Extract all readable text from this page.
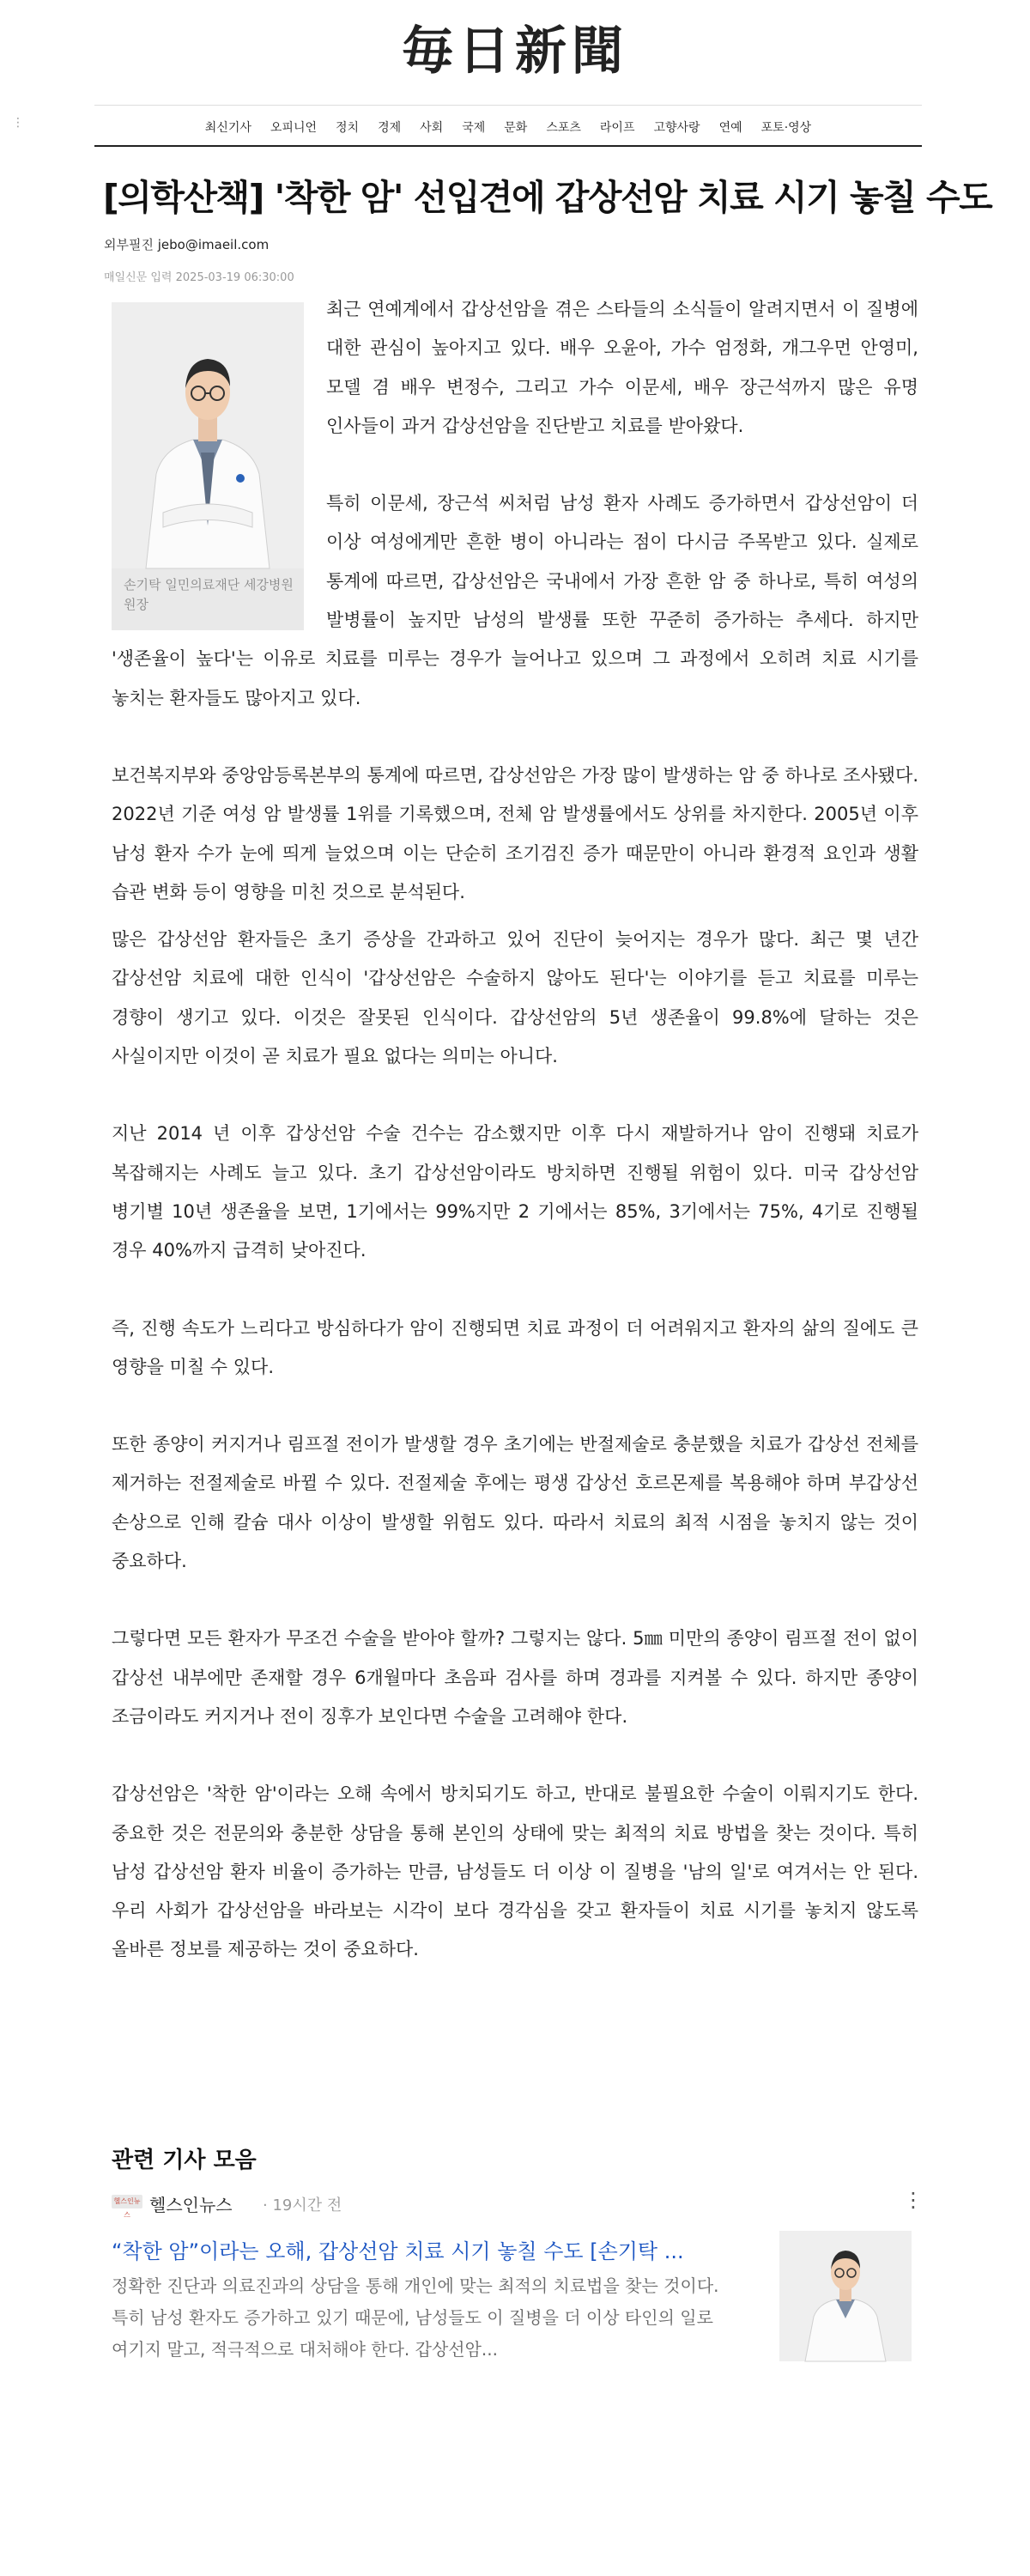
⋮
毎日新聞
최신기사 오피니언 정치 경제 사회 국제 문화 스포츠 라이프 고향사랑 연예 포토·영상
[의학산책] '착한 암' 선입견에 갑상선암 치료 시기 놓칠 수도
외부필진 jebo@imaeil.com
매일신문 입력 2025-03-19 06:30:00
손기탁 일민의료재단 세강병원 원장

최근 연예계에서 갑상선암을 겪은 스타들의 소식들이 알려지면서 이 질병에 대한 관심이 높아지고 있다. 배우 오윤아, 가수 엄정화, 개그우먼 안영미, 모델 겸 배우 변정수, 그리고 가수 이문세, 배우 장근석까지 많은 유명 인사들이 과거 갑상선암을 진단받고 치료를 받아왔다.

특히 이문세, 장근석 씨처럼 남성 환자 사례도 증가하면서 갑상선암이 더 이상 여성에게만 흔한 병이 아니라는 점이 다시금 주목받고 있다. 실제로 통계에 따르면, 갑상선암은 국내에서 가장 흔한 암 중 하나로, 특히 여성의 발병률이 높지만 남성의 발생률 또한 꾸준히 증가하는 추세다. 하지만 '생존율이 높다'는 이유로 치료를 미루는 경우가 늘어나고 있으며 그 과정에서 오히려 치료 시기를 놓치는 환자들도 많아지고 있다.

보건복지부와 중앙암등록본부의 통계에 따르면, 갑상선암은 가장 많이 발생하는 암 중 하나로 조사됐다. 2022년 기준 여성 암 발생률 1위를 기록했으며, 전체 암 발생률에서도 상위를 차지한다. 2005년 이후 남성 환자 수가 눈에 띄게 늘었으며 이는 단순히 조기검진 증가 때문만이 아니라 환경적 요인과 생활 습관 변화 등이 영향을 미친 것으로 분석된다.

많은 갑상선암 환자들은 초기 증상을 간과하고 있어 진단이 늦어지는 경우가 많다. 최근 몇 년간 갑상선암 치료에 대한 인식이 '갑상선암은 수술하지 않아도 된다'는 이야기를 듣고 치료를 미루는 경향이 생기고 있다. 이것은 잘못된 인식이다. 갑상선암의 5년 생존율이 99.8%에 달하는 것은 사실이지만 이것이 곧 치료가 필요 없다는 의미는 아니다.

지난 2014 년 이후 갑상선암 수술 건수는 감소했지만 이후 다시 재발하거나 암이 진행돼 치료가 복잡해지는 사례도 늘고 있다. 초기 갑상선암이라도 방치하면 진행될 위험이 있다. 미국 갑상선암 병기별 10년 생존율을 보면, 1기에서는 99%지만 2 기에서는 85%, 3기에서는 75%, 4기로 진행될 경우 40%까지 급격히 낮아진다.

즉, 진행 속도가 느리다고 방심하다가 암이 진행되면 치료 과정이 더 어려워지고 환자의 삶의 질에도 큰 영향을 미칠 수 있다.

또한 종양이 커지거나 림프절 전이가 발생할 경우 초기에는 반절제술로 충분했을 치료가 갑상선 전체를 제거하는 전절제술로 바뀔 수 있다. 전절제술 후에는 평생 갑상선 호르몬제를 복용해야 하며 부갑상선 손상으로 인해 칼슘 대사 이상이 발생할 위험도 있다. 따라서 치료의 최적 시점을 놓치지 않는 것이 중요하다.

그렇다면 모든 환자가 무조건 수술을 받아야 할까? 그렇지는 않다. 5㎜ 미만의 종양이 림프절 전이 없이 갑상선 내부에만 존재할 경우 6개월마다 초음파 검사를 하며 경과를 지켜볼 수 있다. 하지만 종양이 조금이라도 커지거나 전이 징후가 보인다면 수술을 고려해야 한다.

갑상선암은 '착한 암'이라는 오해 속에서 방치되기도 하고, 반대로 불필요한 수술이 이뤄지기도 한다. 중요한 것은 전문의와 충분한 상담을 통해 본인의 상태에 맞는 최적의 치료 방법을 찾는 것이다. 특히 남성 갑상선암 환자 비율이 증가하는 만큼, 남성들도 더 이상 이 질병을 '남의 일'로 여겨서는 안 된다. 우리 사회가 갑상선암을 바라보는 시각이 보다 경각심을 갖고 환자들이 치료 시기를 놓치지 않도록 올바른 정보를 제공하는 것이 중요하다.

관련 기사 모음
헬스인뉴스	헬스인뉴스 · 19시간 전	⋮
“착한 암”이라는 오해, 갑상선암 치료 시기 놓칠 수도 [손기탁 ...
정확한 진단과 의료진과의 상담을 통해 개인에 맞는 최적의 치료법을 찾는 것이다. 특히 남성 환자도 증가하고 있기 때문에, 남성들도 이 질병을 더 이상 타인의 일로 여기지 말고, 적극적으로 대처해야 한다. 갑상선암...
